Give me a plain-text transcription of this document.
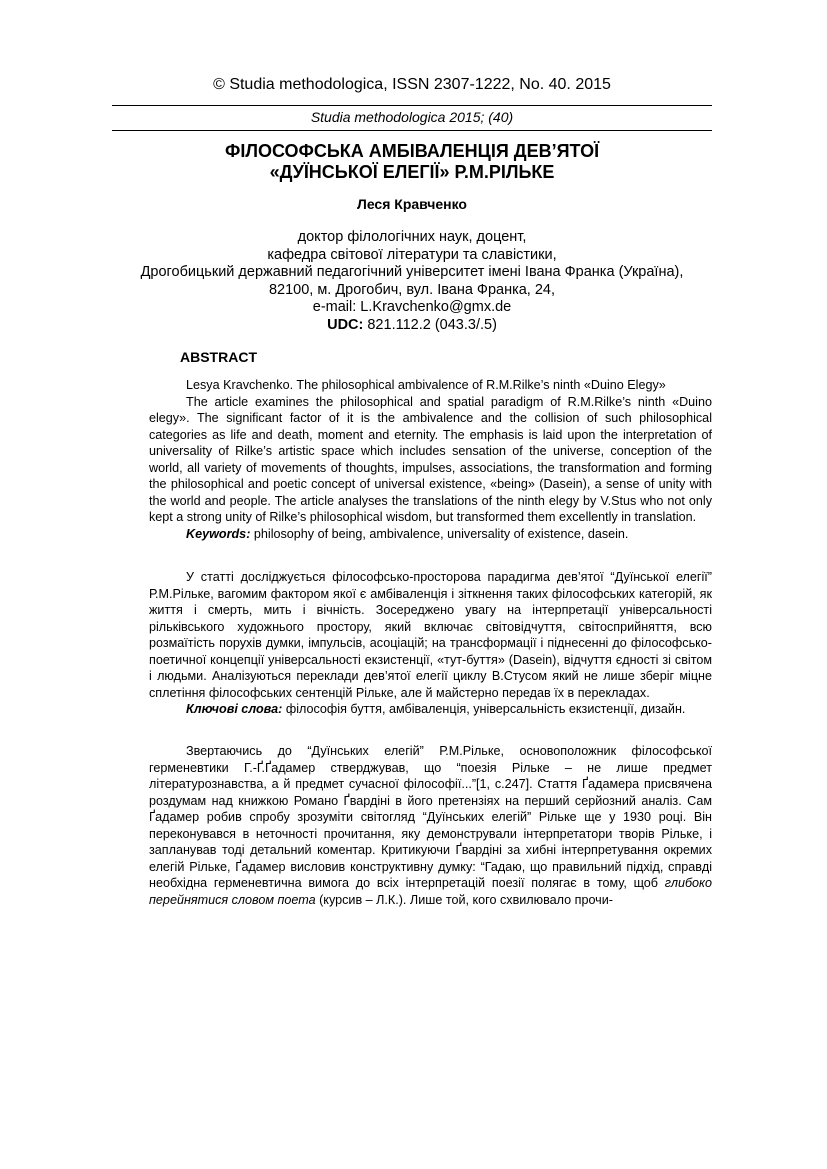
© Studia methodologica, ISSN 2307-1222, No. 40. 2015
Studia methodologica 2015; (40)
ФІЛОСОФСЬКА АМБІВАЛЕНЦІЯ ДЕВ’ЯТОЇ
«ДУЇНСЬКОЇ ЕЛЕГІЇ» Р.М.РІЛЬКЕ
Леся Кравченко
доктор філологічних наук, доцент,
кафедра світової літератури та славістики,
Дрогобицький державний педагогічний університет імені Івана Франка (Україна),
82100, м. Дрогобич, вул. Івана Франка, 24,
e-mail: L.Kravchenko@gmx.de
UDC: 821.112.2 (043.3/.5)
ABSTRACT

Lesya Kravchenko. The philosophical ambivalence of R.M.Rilke’s ninth «Duino Elegy»

The article examines the philosophical and spatial paradigm of R.M.Rilke’s ninth «Duino elegy». The significant factor of it is the ambivalence and the collision of such philosophical categories as life and death, moment and eternity. The emphasis is laid upon the interpretation of universality of Rilke’s artistic space which includes sensation of the universe, conception of the world, all variety of movements of thoughts, impulses, associations, the transformation and forming the philosophical and poetic concept of universal existence, «being» (Dasein), a sense of unity with the world and people. The article analyses the translations of the ninth elegy by V.Stus who not only kept a strong unity of Rilke’s philosophical wisdom, but transformed them excellently in translation.

Keywords: philosophy of being, ambivalence, universality of existence, dasein.

У статті досліджується філософсько-просторова парадигма дев’ятої “Дуїнської елегії” Р.М.Рільке, вагомим фактором якої є амбіваленція і зіткнення таких філософських категорій, як життя і смерть, мить і вічність. Зосереджено увагу на інтерпретації універсальності рільківського художнього простору, який включає світовідчуття, світосприйняття, всю розмаїтість порухів думки, імпульсів, асоціацій; на трансформації і піднесенні до філософсько-поетичної концепції універсальності екзистенції, «тут-буття» (Dasein), відчуття єдності зі світом і людьми. Аналізуються переклади дев’ятої елегії циклу В.Стусом який не лише зберіг міцне сплетіння філософських сентенцій Рільке, але й майстерно передав їх в перекладах.

Ключові слова: філософія буття, амбіваленція, універсальність екзистенції, дизайн.

Звертаючись до “Дуїнських елегій” Р.М.Рільке, основоположник філософської герменевтики Г.-Ґ.Ґадамер стверджував, що “поезія Рільке – не лише предмет літературознавства, а й предмет сучасної філософії...”[1, с.247]. Стаття Ґадамера присвячена роздумам над книжкою Романо Ґвардіні в його претензіях на перший серйозний аналіз. Сам Ґадамер робив спробу зрозуміти світогляд “Дуїнських елегій” Рільке ще у 1930 році. Він переконувався в неточності прочитання, яку демонстрували інтерпретатори творів Рільке, і запланував тоді детальний коментар. Критикуючи Ґвардіні за хибні інтерпретування окремих елегій Рільке, Ґадамер висловив конструктивну думку: “Гадаю, що правильний підхід, справді необхідна герменевтична вимога до всіх інтерпретацій поезії полягає в тому, щоб глибоко перейнятися словом поета (курсив – Л.К.). Лише той, кого схвилювало прочи-
